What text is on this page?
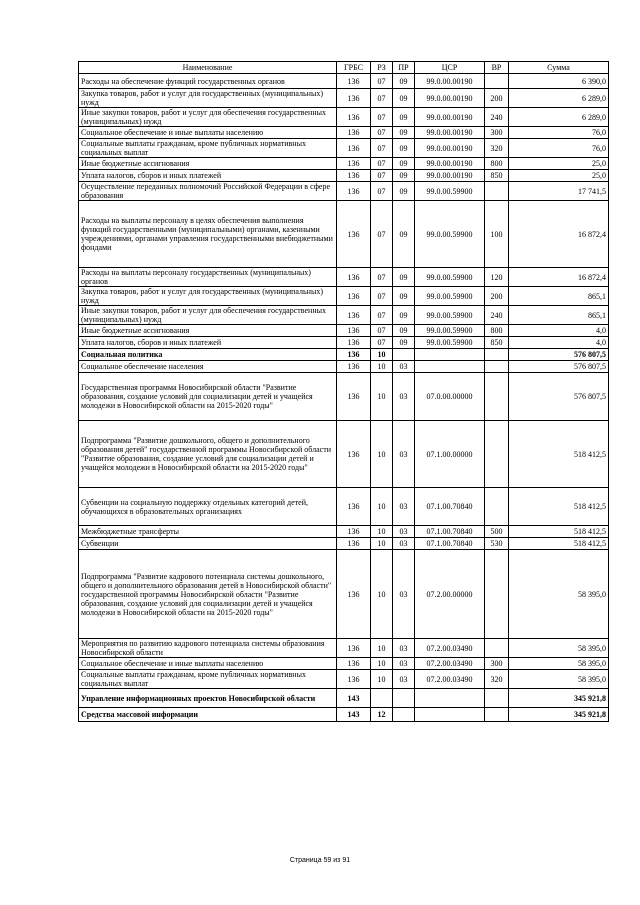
Наименование	ГРБС	РЗ	ПР	ЦСР	ВР	Сумма
Расходы на обеспечение функций государственных органов	136	07	09	99.0.00.00190		6 390,0
Закупка товаров, работ и услуг для государственных (муниципальных) нужд	136	07	09	99.0.00.00190	200	6 289,0
Иные закупки товаров, работ и услуг для обеспечения государственных (муниципальных) нужд	136	07	09	99.0.00.00190	240	6 289,0
Социальное обеспечение и иные выплаты населению	136	07	09	99.0.00.00190	300	76,0
Социальные выплаты гражданам, кроме публичных нормативных социальных выплат	136	07	09	99.0.00.00190	320	76,0
Иные бюджетные ассигнования	136	07	09	99.0.00.00190	800	25,0
Уплата налогов, сборов и иных платежей	136	07	09	99.0.00.00190	850	25,0
Осуществление переданных полномочий Российской Федерации в сфере образования	136	07	09	99.0.00.59900		17 741,5
Расходы на выплаты персоналу в целях обеспечения выполнения функций государственными (муниципальными) органами, казенными учреждениями, органами управления государственными внебюджетными фондами	136	07	09	99.0.00.59900	100	16 872,4
Расходы на выплаты персоналу государственных (муниципальных) органов	136	07	09	99.0.00.59900	120	16 872,4
Закупка товаров, работ и услуг для государственных (муниципальных) нужд	136	07	09	99.0.00.59900	200	865,1
Иные закупки товаров, работ и услуг для обеспечения государственных (муниципальных) нужд	136	07	09	99.0.00.59900	240	865,1
Иные бюджетные ассигнования	136	07	09	99.0.00.59900	800	4,0
Уплата налогов, сборов и иных платежей	136	07	09	99.0.00.59900	850	4,0
Социальная политика	136	10				576 807,5
Социальное обеспечение населения	136	10	03			576 807,5
Государственная программа Новосибирской области "Развитие образования, создание условий для социализации детей и учащейся молодежи в Новосибирской области на 2015-2020 годы"	136	10	03	07.0.00.00000		576 807,5
Подпрограмма "Развитие дошкольного, общего и дополнительного образования детей" государственной программы Новосибирской области "Развитие образования, создание условий для социализации детей и учащейся молодежи в Новосибирской области на 2015-2020 годы"	136	10	03	07.1.00.00000		518 412,5
Субвенции на социальную поддержку отдельных категорий детей, обучающихся в образовательных организациях	136	10	03	07.1.00.70840		518 412,5
Межбюджетные трансферты	136	10	03	07.1.00.70840	500	518 412,5
Субвенции	136	10	03	07.1.00.70840	530	518 412,5
Подпрограмма "Развитие кадрового потенциала системы дошкольного, общего и дополнительного образования детей в Новосибирской области" государственной программы Новосибирской области "Развитие образования, создание условий для социализации детей и учащейся молодежи в Новосибирской области на 2015-2020 годы"	136	10	03	07.2.00.00000		58 395,0
Мероприятия по развитию кадрового потенциала системы образования Новосибирской области	136	10	03	07.2.00.03490		58 395,0
Социальное обеспечение и иные выплаты населению	136	10	03	07.2.00.03490	300	58 395,0
Социальные выплаты гражданам, кроме публичных нормативных социальных выплат	136	10	03	07.2.00.03490	320	58 395,0
Управление информационных проектов Новосибирской области	143					345 921,8
Средства массовой информации	143	12				345 921,8
Страница 59 из 91
